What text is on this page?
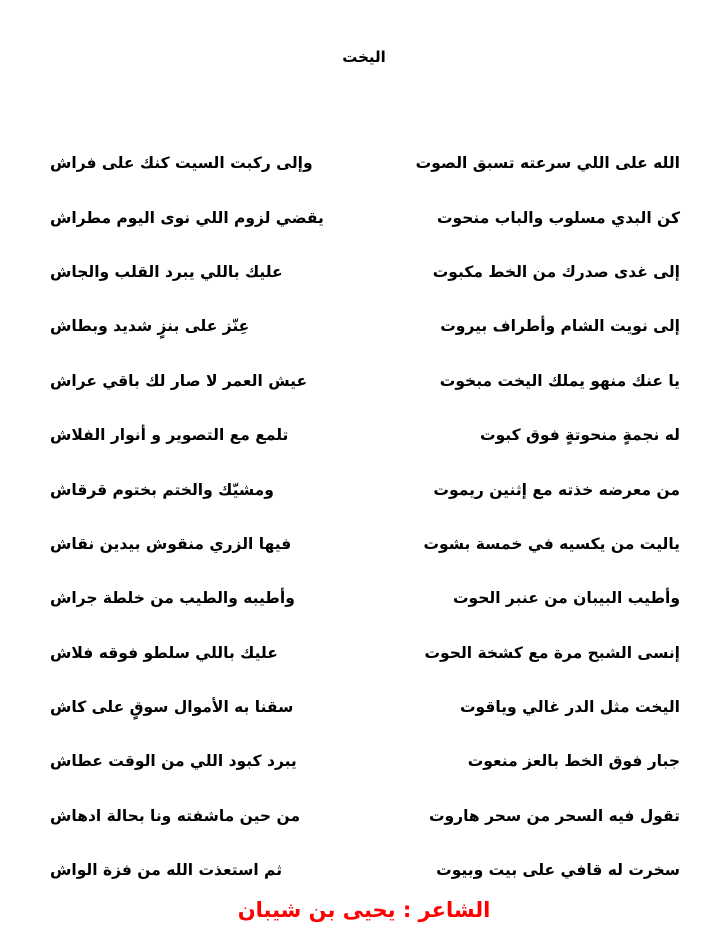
اليخت
الله على اللي سرعته تسبق الصوت
وإلى ركبت السيت كنك على فراش
كن البدي مسلوب والباب منحوت
يقضي لزوم اللي نوى اليوم مطراش
إلى غدى صدرك من الخط مكبوت
عليك باللي يبرد القلب والجاش
إلى نويت الشام وأطراف بيروت
عِنّز على بنزٍ شديد وبطاش
يا عنك منهو يملك اليخت مبخوت
عيش العمر لا صار لك باقي عراش
له نجمةٍ منحوتةٍ فوق كبوت
تلمع مع التصوير و أنوار الفلاش
من معرضه خذته مع إثنين ريموت
ومشيّك والختم بختوم قرقاش
ياليت من يكسيه في خمسة بشوت
فيها الزري منقوش بيدين نقاش
وأطيب البيبان من عنبر الحوت
وأطيبه والطيب من خلطة جراش
إنسى الشبح مرة مع كشخة الحوت
عليك باللي سلطو فوقه فلاش
اليخت مثل الدر غالي وياقوت
سقنا به الأموال سوقٍ على كاش
جبار فوق الخط بالعز منعوت
يبرد كبود اللي من الوقت عطاش
تقول فيه السحر من سحر هاروت
من حين ماشفته ونا بحالة ادهاش
سخرت له قافي على بيت وبيوت
ثم استعذت الله من فزة الواش
الشاعر : يحيى بن شيبان
